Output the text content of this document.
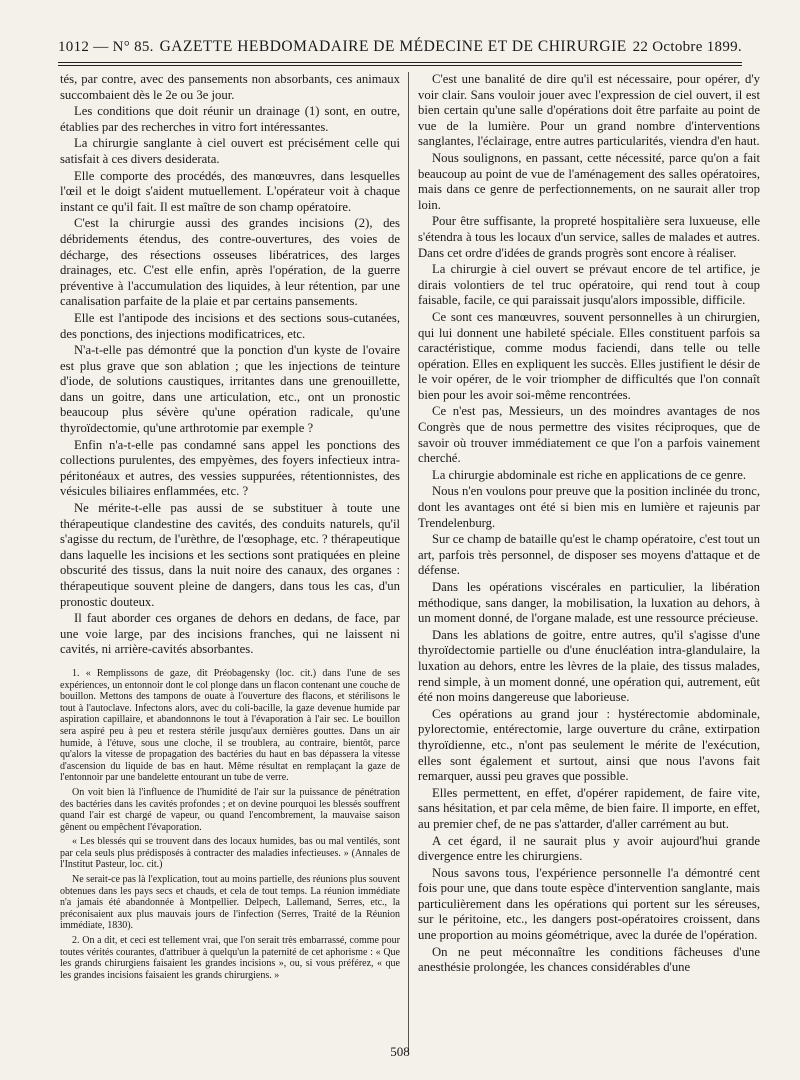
1012 — N° 85. GAZETTE HEBDOMADAIRE DE MÉDECINE ET DE CHIRURGIE 22 Octobre 1899.

tés, par contre, avec des pansements non absorbants, ces animaux succombaient dès le 2e ou 3e jour.

Les conditions que doit réunir un drainage (1) sont, en outre, établies par des recherches in vitro fort intéressantes.

La chirurgie sanglante à ciel ouvert est précisément celle qui satisfait à ces divers desiderata.

Elle comporte des procédés, des manœuvres, dans lesquelles l'œil et le doigt s'aident mutuellement. L'opérateur voit à chaque instant ce qu'il fait. Il est maître de son champ opératoire.

C'est la chirurgie aussi des grandes incisions (2), des débridements étendus, des contre-ouvertures, des voies de décharge, des résections osseuses libératrices, des larges drainages, etc. C'est elle enfin, après l'opération, de la guerre préventive à l'accumulation des liquides, à leur rétention, par une canalisation parfaite de la plaie et par certains pansements.

Elle est l'antipode des incisions et des sections sous-cutanées, des ponctions, des injections modificatrices, etc.

N'a-t-elle pas démontré que la ponction d'un kyste de l'ovaire est plus grave que son ablation ; que les injections de teinture d'iode, de solutions caustiques, irritantes dans une grenouillette, dans un goitre, dans une articulation, etc., ont un pronostic beaucoup plus sévère qu'une opération radicale, qu'une thyroïdectomie, qu'une arthrotomie par exemple ?

Enfin n'a-t-elle pas condamné sans appel les ponctions des collections purulentes, des empyèmes, des foyers infectieux intra-péritonéaux et autres, des vessies suppurées, rétentionnistes, des vésicules biliaires enflammées, etc. ?

Ne mérite-t-elle pas aussi de se substituer à toute une thérapeutique clandestine des cavités, des conduits naturels, qu'il s'agisse du rectum, de l'urèthre, de l'œsophage, etc. ? thérapeutique dans laquelle les incisions et les sections sont pratiquées en pleine obscurité des tissus, dans la nuit noire des canaux, des organes : thérapeutique souvent pleine de dangers, dans tous les cas, d'un pronostic douteux.

Il faut aborder ces organes de dehors en dedans, de face, par une voie large, par des incisions franches, qui ne laissent ni cavités, ni arrière-cavités absorbantes.

1. « Remplissons de gaze, dit Préobagensky (loc. cit.) dans l'une de ses expériences, un entonnoir dont le col plonge dans un flacon contenant une couche de bouillon. Mettons des tampons de ouate à l'ouverture des flacons, et stérilisons le tout à l'autoclave. Infectons alors, avec du coli-bacille, la gaze devenue humide par aspiration capillaire, et abandonnons le tout à l'évaporation à l'air sec. Le bouillon sera aspiré peu à peu et restera stérile jusqu'aux dernières gouttes. Dans un air humide, à l'étuve, sous une cloche, il se troublera, au contraire, bientôt, parce qu'alors la vitesse de propagation des bactéries du haut en bas dépassera la vitesse d'ascension du liquide de bas en haut. Même résultat en remplaçant la gaze de l'entonnoir par une bandelette entourant un tube de verre.

On voit bien là l'influence de l'humidité de l'air sur la puissance de pénétration des bactéries dans les cavités profondes ; et on devine pourquoi les blessés souffrent quand l'air est chargé de vapeur, ou quand l'encombrement, la mauvaise saison gênent ou empêchent l'évaporation.

« Les blessés qui se trouvent dans des locaux humides, bas ou mal ventilés, sont par cela seuls plus prédisposés à contracter des maladies infectieuses. » (Annales de l'Institut Pasteur, loc. cit.)

Ne serait-ce pas là l'explication, tout au moins partielle, des réunions plus souvent obtenues dans les pays secs et chauds, et cela de tout temps. La réunion immédiate n'a jamais été abandonnée à Montpellier. Delpech, Lallemand, Serres, etc., la préconisaient aux plus mauvais jours de l'infection (Serres, Traité de la Réunion immédiate, 1830).

2. On a dit, et ceci est tellement vrai, que l'on serait très embarrassé, comme pour toutes vérités courantes, d'attribuer à quelqu'un la paternité de cet aphorisme : « Que les grands chirurgiens faisaient les grandes incisions », ou, si vous préférez, « que les grandes incisions faisaient les grands chirurgiens. »

C'est une banalité de dire qu'il est nécessaire, pour opérer, d'y voir clair. Sans vouloir jouer avec l'expression de ciel ouvert, il est bien certain qu'une salle d'opérations doit être parfaite au point de vue de la lumière. Pour un grand nombre d'interventions sanglantes, l'éclairage, entre autres particularités, viendra d'en haut.

Nous soulignons, en passant, cette nécessité, parce qu'on a fait beaucoup au point de vue de l'aménagement des salles opératoires, mais dans ce genre de perfectionnements, on ne saurait aller trop loin.

Pour être suffisante, la propreté hospitalière sera luxueuse, elle s'étendra à tous les locaux d'un service, salles de malades et autres. Dans cet ordre d'idées de grands progrès sont encore à réaliser.

La chirurgie à ciel ouvert se prévaut encore de tel artifice, je dirais volontiers de tel truc opératoire, qui rend tout à coup faisable, facile, ce qui paraissait jusqu'alors impossible, difficile.

Ce sont ces manœuvres, souvent personnelles à un chirurgien, qui lui donnent une habileté spéciale. Elles constituent parfois sa caractéristique, comme modus faciendi, dans telle ou telle opération. Elles en expliquent les succès. Elles justifient le désir de le voir opérer, de le voir triompher de difficultés que l'on connaît bien pour les avoir soi-même rencontrées.

Ce n'est pas, Messieurs, un des moindres avantages de nos Congrès que de nous permettre des visites réciproques, que de savoir où trouver immédiatement ce que l'on a parfois vainement cherché.

La chirurgie abdominale est riche en applications de ce genre.

Nous n'en voulons pour preuve que la position inclinée du tronc, dont les avantages ont été si bien mis en lumière et rajeunis par Trendelenburg.

Sur ce champ de bataille qu'est le champ opératoire, c'est tout un art, parfois très personnel, de disposer ses moyens d'attaque et de défense.

Dans les opérations viscérales en particulier, la libération méthodique, sans danger, la mobilisation, la luxation au dehors, à un moment donné, de l'organe malade, est une ressource précieuse.

Dans les ablations de goitre, entre autres, qu'il s'agisse d'une thyroïdectomie partielle ou d'une énucléation intra-glandulaire, la luxation au dehors, entre les lèvres de la plaie, des tissus malades, rend simple, à un moment donné, une opération qui, autrement, eût été non moins dangereuse que laborieuse.

Ces opérations au grand jour : hystérectomie abdominale, pylorectomie, entérectomie, large ouverture du crâne, extirpation thyroïdienne, etc., n'ont pas seulement le mérite de l'exécution, elles sont également et surtout, ainsi que nous l'avons fait remarquer, aussi peu graves que possible.

Elles permettent, en effet, d'opérer rapidement, de faire vite, sans hésitation, et par cela même, de bien faire. Il importe, en effet, au premier chef, de ne pas s'attarder, d'aller carrément au but.

A cet égard, il ne saurait plus y avoir aujourd'hui grande divergence entre les chirurgiens.

Nous savons tous, l'expérience personnelle l'a démontré cent fois pour une, que dans toute espèce d'intervention sanglante, mais particulièrement dans les opérations qui portent sur les séreuses, sur le péritoine, etc., les dangers post-opératoires croissent, dans une proportion au moins géométrique, avec la durée de l'opération.

On ne peut méconnaître les conditions fâcheuses d'une anesthésie prolongée, les chances considérables d'une

508
